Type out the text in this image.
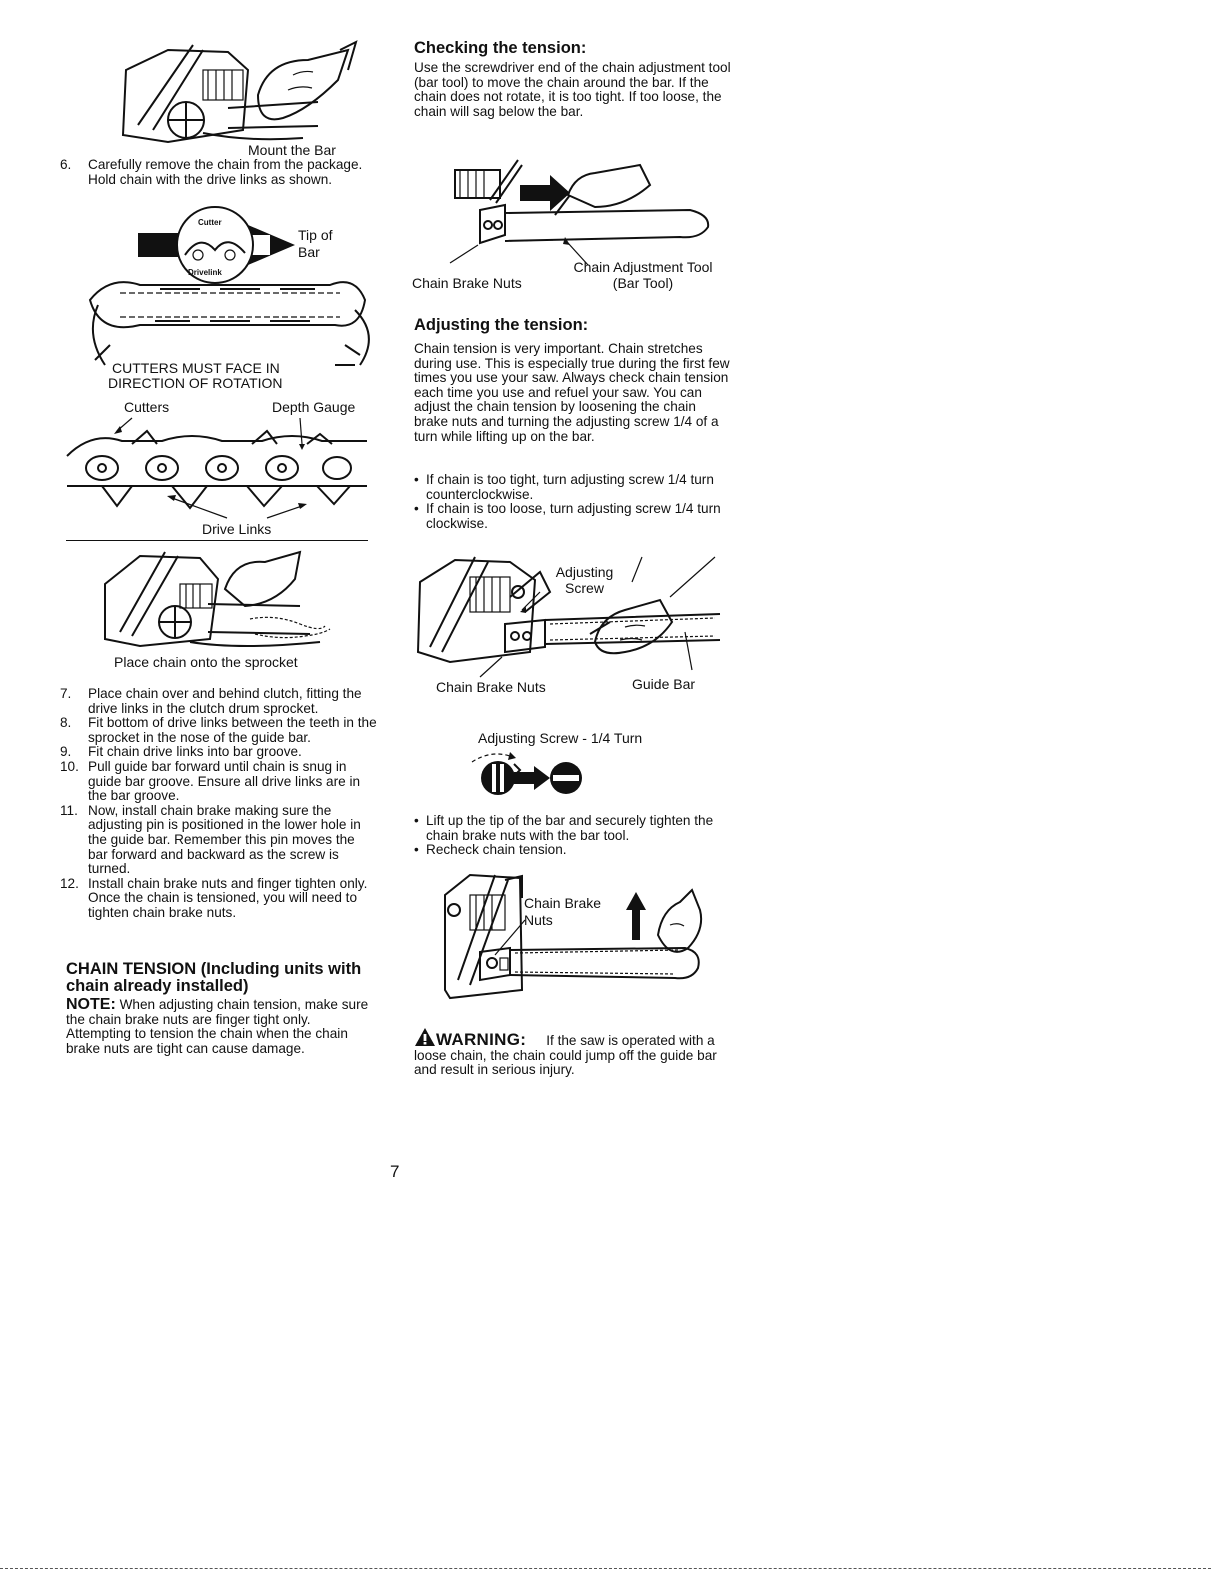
Mount the Bar
6. Carefully remove the chain from the package. Hold chain with the drive links as shown.
Cutter
Drivelink
Tip of Bar
CUTTERS MUST FACE IN
DIRECTION OF ROTATION
Cutters	Depth Gauge
Drive Links
Place chain onto the sprocket
7. Place chain over and behind clutch, fitting the drive links in the clutch drum sprocket.
8. Fit bottom of drive links between the teeth in the sprocket in the nose of the guide bar.
9. Fit chain drive links into bar groove.
10. Pull guide bar forward until chain is snug in guide bar groove. Ensure all drive links are in the bar groove.
11. Now, install chain brake making sure the adjusting pin is positioned in the lower hole in the guide bar. Remember this pin moves the bar forward and backward as the screw is turned.
12. Install chain brake nuts and finger tighten only. Once the chain is tensioned, you will need to tighten chain brake nuts.
CHAIN TENSION (Including units with chain already installed)
NOTE: When adjusting chain tension, make sure the chain brake nuts are finger tight only. Attempting to tension the chain when the chain brake nuts are tight can cause damage.
Checking the tension:
Use the screwdriver end of the chain adjustment tool (bar tool) to move the chain around the bar. If the chain does not rotate, it is too tight. If too loose, the chain will sag below the bar.
Chain Brake Nuts
Chain Adjustment Tool (Bar Tool)
Adjusting the tension:
Chain tension is very important. Chain stretches during use. This is especially true during the first few times you use your saw. Always check chain tension each time you use and refuel your saw. You can adjust the chain tension by loosening the chain brake nuts and turning the adjusting screw 1/4 of a turn while lifting up on the bar.
• If chain is too tight, turn adjusting screw 1/4 turn counterclockwise.
• If chain is too loose, turn adjusting screw 1/4 turn clockwise.
Adjusting Screw
Chain Brake Nuts	Guide Bar
Adjusting Screw - 1/4 Turn
• Lift up the tip of the bar and securely tighten the chain brake nuts with the bar tool.
• Recheck chain tension.
Chain Brake Nuts
WARNING: If the saw is operated with a loose chain, the chain could jump off the guide bar and result in serious injury.
7
